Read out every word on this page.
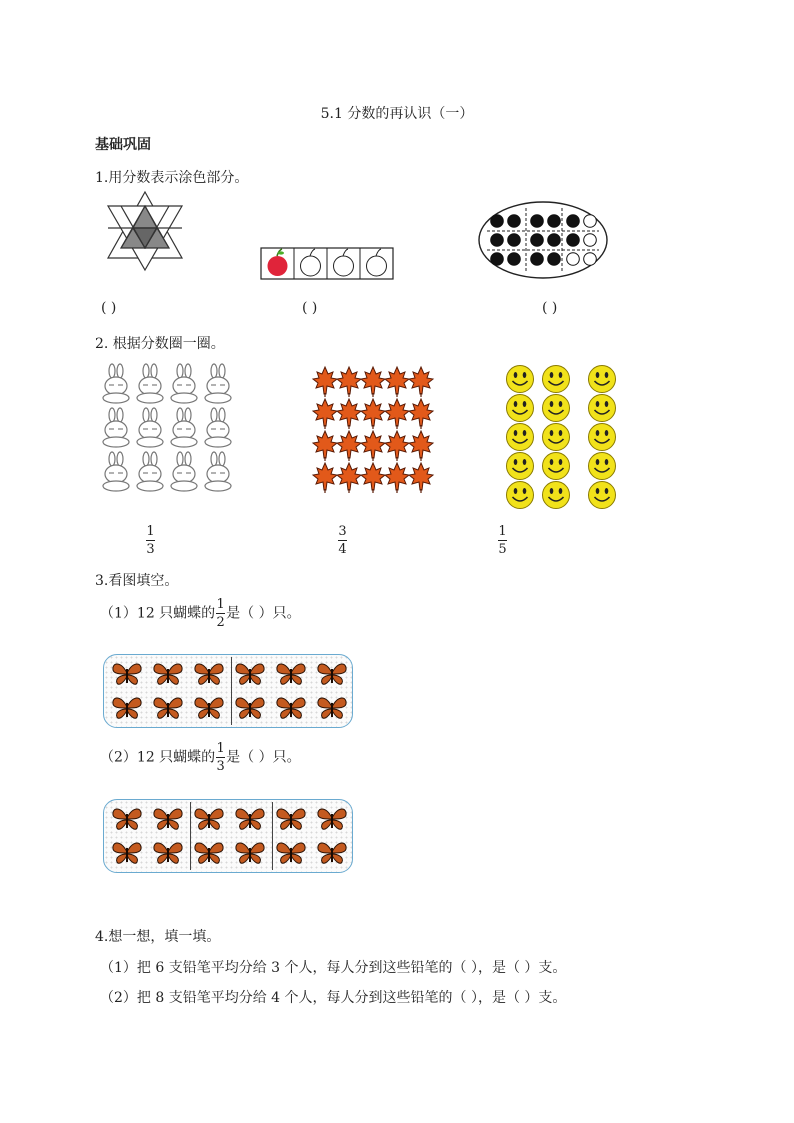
5.1 分数的再认识（一）
基础巩固
1.用分数表示涂色部分。
( )	( )	( )
2. 根据分数圈一圈。
$\frac{1}{3}$	$\frac{3}{4}$	$\frac{1}{5}$
3.看图填空。
（1）12 只蝴蝶的 $\frac{1}{2}$ 是（ ）只。
（2）12 只蝴蝶的 $\frac{1}{3}$ 是（ ）只。
4.想一想，填一填。
（1）把 6 支铅笔平均分给 3 个人，每人分到这些铅笔的（ ），是（ ）支。
（2）把 8 支铅笔平均分给 4 个人，每人分到这些铅笔的（ ），是（ ）支。
